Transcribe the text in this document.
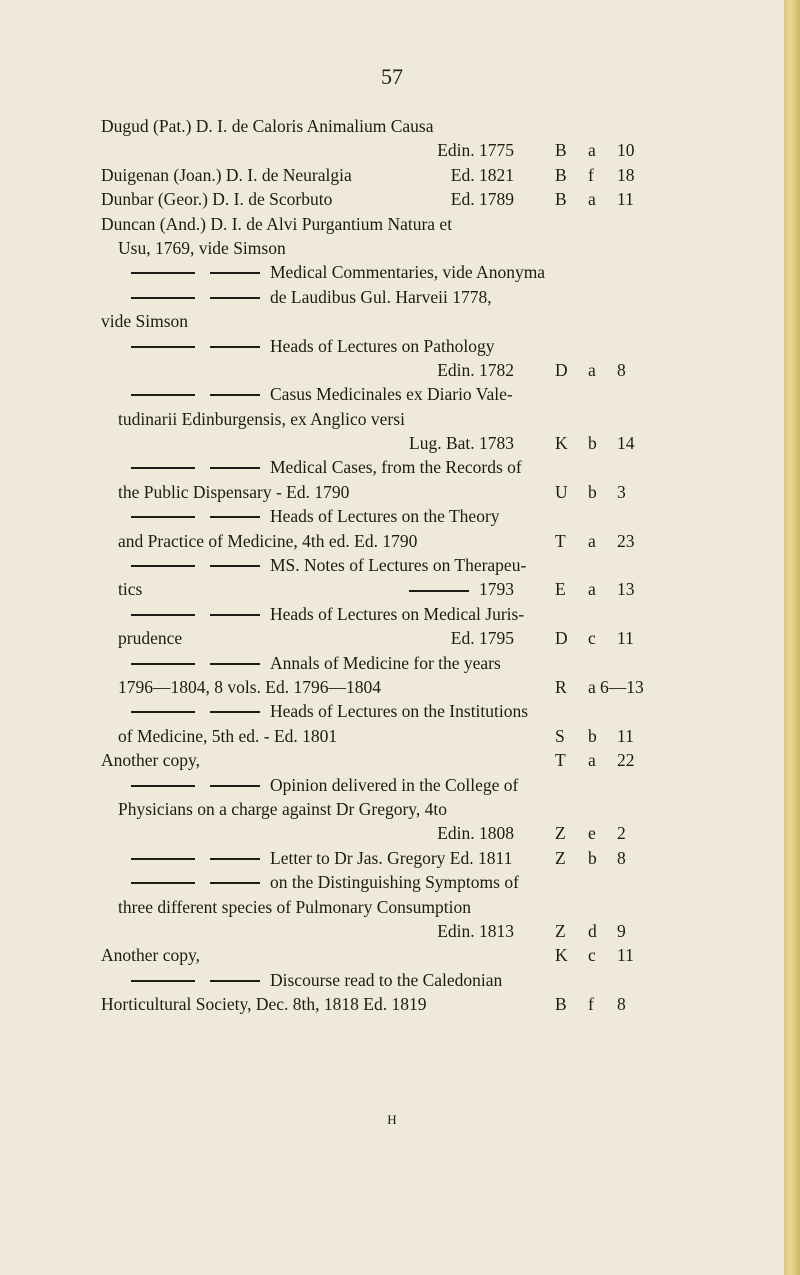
57
Dugud (Pat.) D. I. de Caloris Animalium Causa
Edin. 1775 B a 10
Duigenan (Joan.) D. I. de Neuralgia	Ed. 1821 B f 18
Dunbar (Geor.) D. I. de Scorbuto	Ed. 1789 B a 11
Duncan (And.) D. I. de Alvi Purgantium Natura et
Usu, 1769, vide Simson
Medical Commentaries, vide Anonyma
de Laudibus Gul. Harveii 1778,
vide Simson
Heads of Lectures on Pathology
Edin. 1782 D a 8
Casus Medicinales ex Diario Vale-
tudinarii Edinburgensis, ex Anglico versi
Lug. Bat. 1783 K b 14
Medical Cases, from the Records of
the Public Dispensary - Ed. 1790	U b 3
Heads of Lectures on the Theory
and Practice of Medicine, 4th ed. Ed. 1790	T a 23
MS. Notes of Lectures on Therapeu-
tics	1793 E a 13
Heads of Lectures on Medical Juris-
prudence	Ed. 1795 D c 11
Annals of Medicine for the years
1796—1804, 8 vols. Ed. 1796—1804	R a 6—13
Heads of Lectures on the Institutions
of Medicine, 5th ed. - Ed. 1801	S b 11
Another copy,	T a 22
Opinion delivered in the College of
Physicians on a charge against Dr Gregory, 4to
Edin. 1808 Z e 2
Letter to Dr Jas. Gregory Ed. 1811 Z b 8
on the Distinguishing Symptoms of
three different species of Pulmonary Consumption
Edin. 1813 Z d 9
Another copy,	K c 11
Discourse read to the Caledonian
Horticultural Society, Dec. 8th, 1818 Ed. 1819	B f 8
H
